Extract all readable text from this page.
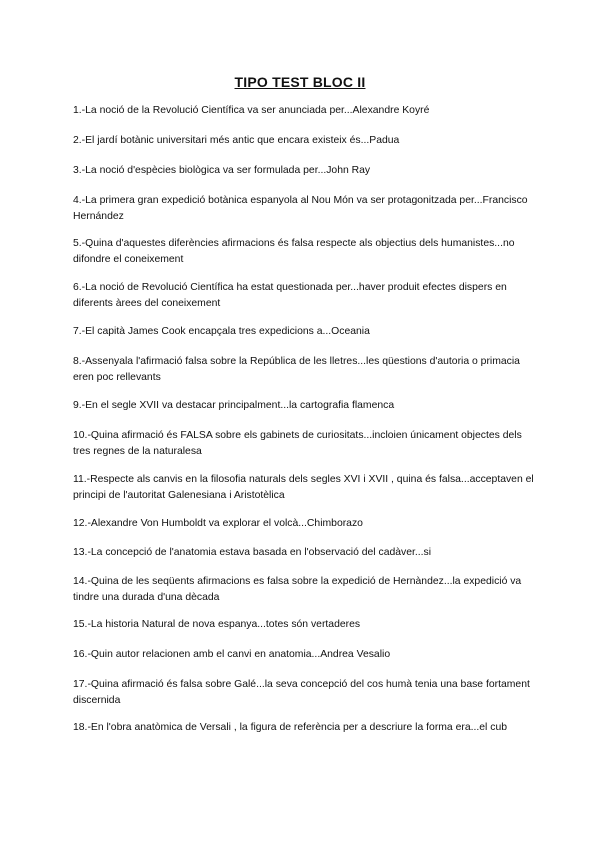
TIPO TEST BLOC II

1.-La noció de la Revolució Científica va ser anunciada per...Alexandre Koyré

2.-El jardí botànic universitari més antic que encara existeix és...Padua

3.-La noció d'espècies biològica va ser formulada per...John Ray

4.-La primera gran expedició botànica espanyola al Nou Món va ser protagonitzada per...Francisco Hernández

5.-Quina d'aquestes diferències afirmacions és falsa respecte als objectius dels humanistes...no difondre el coneixement

6.-La noció de Revolució Científica ha estat questionada per...haver produit efectes dispers en diferents àrees del coneixement

7.-El capità James Cook encapçala tres expedicions a...Oceania

8.-Assenyala l'afirmació falsa sobre la República de les lletres...les qüestions d'autoria o primacia eren poc rellevants

9.-En el segle XVII va destacar principalment...la cartografia flamenca

10.-Quina afirmació és FALSA sobre els gabinets de curiositats...incloien únicament objectes dels tres regnes de la naturalesa

11.-Respecte als canvis en la filosofia naturals dels segles XVI i XVII , quina és falsa...acceptaven el principi de l'autoritat Galenesiana i Aristotèlica

12.-Alexandre Von Humboldt va explorar el volcà...Chimborazo

13.-La concepció de l'anatomia estava basada en l'observació del cadàver...si

14.-Quina de les seqüents afirmacions es falsa sobre la expedició de Hernàndez...la expedició va tindre una durada d'una dècada

15.-La historia Natural de nova espanya...totes són vertaderes

16.-Quin autor relacionen amb el canvi en anatomia...Andrea Vesalio

17.-Quina afirmació és falsa sobre Galé...la seva concepció del cos humà tenia una base fortament discernida

18.-En l'obra anatòmica de Versali , la figura de referència per a descriure la forma era...el cub
